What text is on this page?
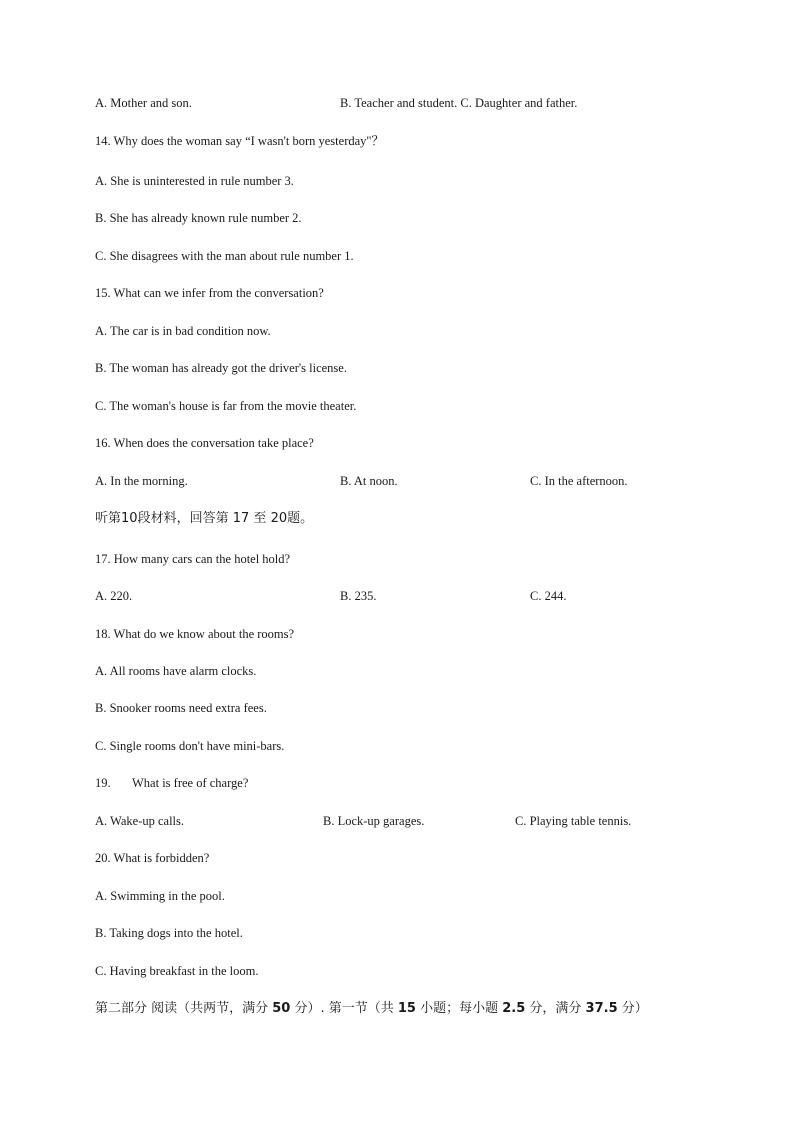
A. Mother and son.	B. Teacher and student. C. Daughter and father.
14. Why does the woman say “I wasn't born yesterday"？
A. She is uninterested in rule number 3.
B. She has already known rule number 2.
C. She disagrees with the man about rule number 1.
15. What can we infer from the conversation?
A. The car is in bad condition now.
B. The woman has already got the driver's license.
C. The woman's house is far from the movie theater.
16. When does the conversation take place?
A. In the morning.	B. At noon.	C. In the afternoon.
听第10段材料，回答第 17 至 20题。
17. How many cars can the hotel hold?
A. 220.	B. 235.	C. 244.
18. What do we know about the rooms?
A. All rooms have alarm clocks.
B. Snooker rooms need extra fees.
C. Single rooms don't have mini-bars.
19. What is free of charge?
A. Wake-up calls.	B. Lock-up garages.	C. Playing table tennis.
20. What is forbidden?
A. Swimming in the pool.
B. Taking dogs into the hotel.
C. Having breakfast in the loom.
第二部分 阅读（共两节，满分 50 分）. 第一节（共 15 小题；每小题 2.5 分，满分 37.5 分）
